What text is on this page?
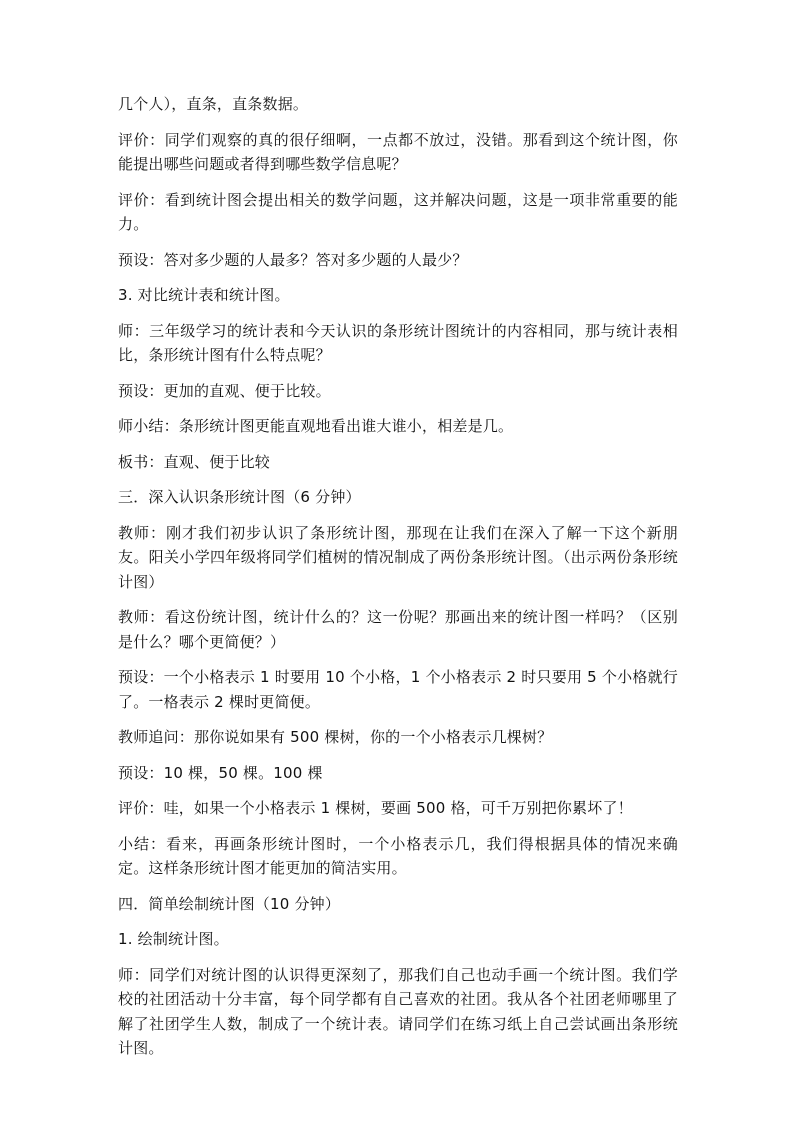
几个人），直条，直条数据。

评价：同学们观察的真的很仔细啊，一点都不放过，没错。那看到这个统计图，你能提出哪些问题或者得到哪些数学信息呢？

评价：看到统计图会提出相关的数学问题，这并解决问题，这是一项非常重要的能力。

预设：答对多少题的人最多？答对多少题的人最少？

3. 对比统计表和统计图。

师：三年级学习的统计表和今天认识的条形统计图统计的内容相同，那与统计表相比，条形统计图有什么特点呢？

预设：更加的直观、便于比较。

师小结：条形统计图更能直观地看出谁大谁小，相差是几。

板书：直观、便于比较

三．深入认识条形统计图（6 分钟）

教师：刚才我们初步认识了条形统计图，那现在让我们在深入了解一下这个新朋友。阳关小学四年级将同学们植树的情况制成了两份条形统计图。（出示两份条形统计图）

教师：看这份统计图，统计什么的？这一份呢？那画出来的统计图一样吗？（区别是什么？哪个更简便？）

预设：一个小格表示 1 时要用 10 个小格，1 个小格表示 2 时只要用 5 个小格就行了。一格表示 2 棵时更简便。

教师追问：那你说如果有 500 棵树，你的一个小格表示几棵树？

预设：10 棵，50 棵。100 棵

评价：哇，如果一个小格表示 1 棵树，要画 500 格，可千万别把你累坏了！

小结：看来，再画条形统计图时，一个小格表示几，我们得根据具体的情况来确定。这样条形统计图才能更加的简洁实用。

四．简单绘制统计图（10 分钟）

1. 绘制统计图。

师：同学们对统计图的认识得更深刻了，那我们自己也动手画一个统计图。我们学校的社团活动十分丰富，每个同学都有自己喜欢的社团。我从各个社团老师哪里了解了社团学生人数，制成了一个统计表。请同学们在练习纸上自己尝试画出条形统计图。
